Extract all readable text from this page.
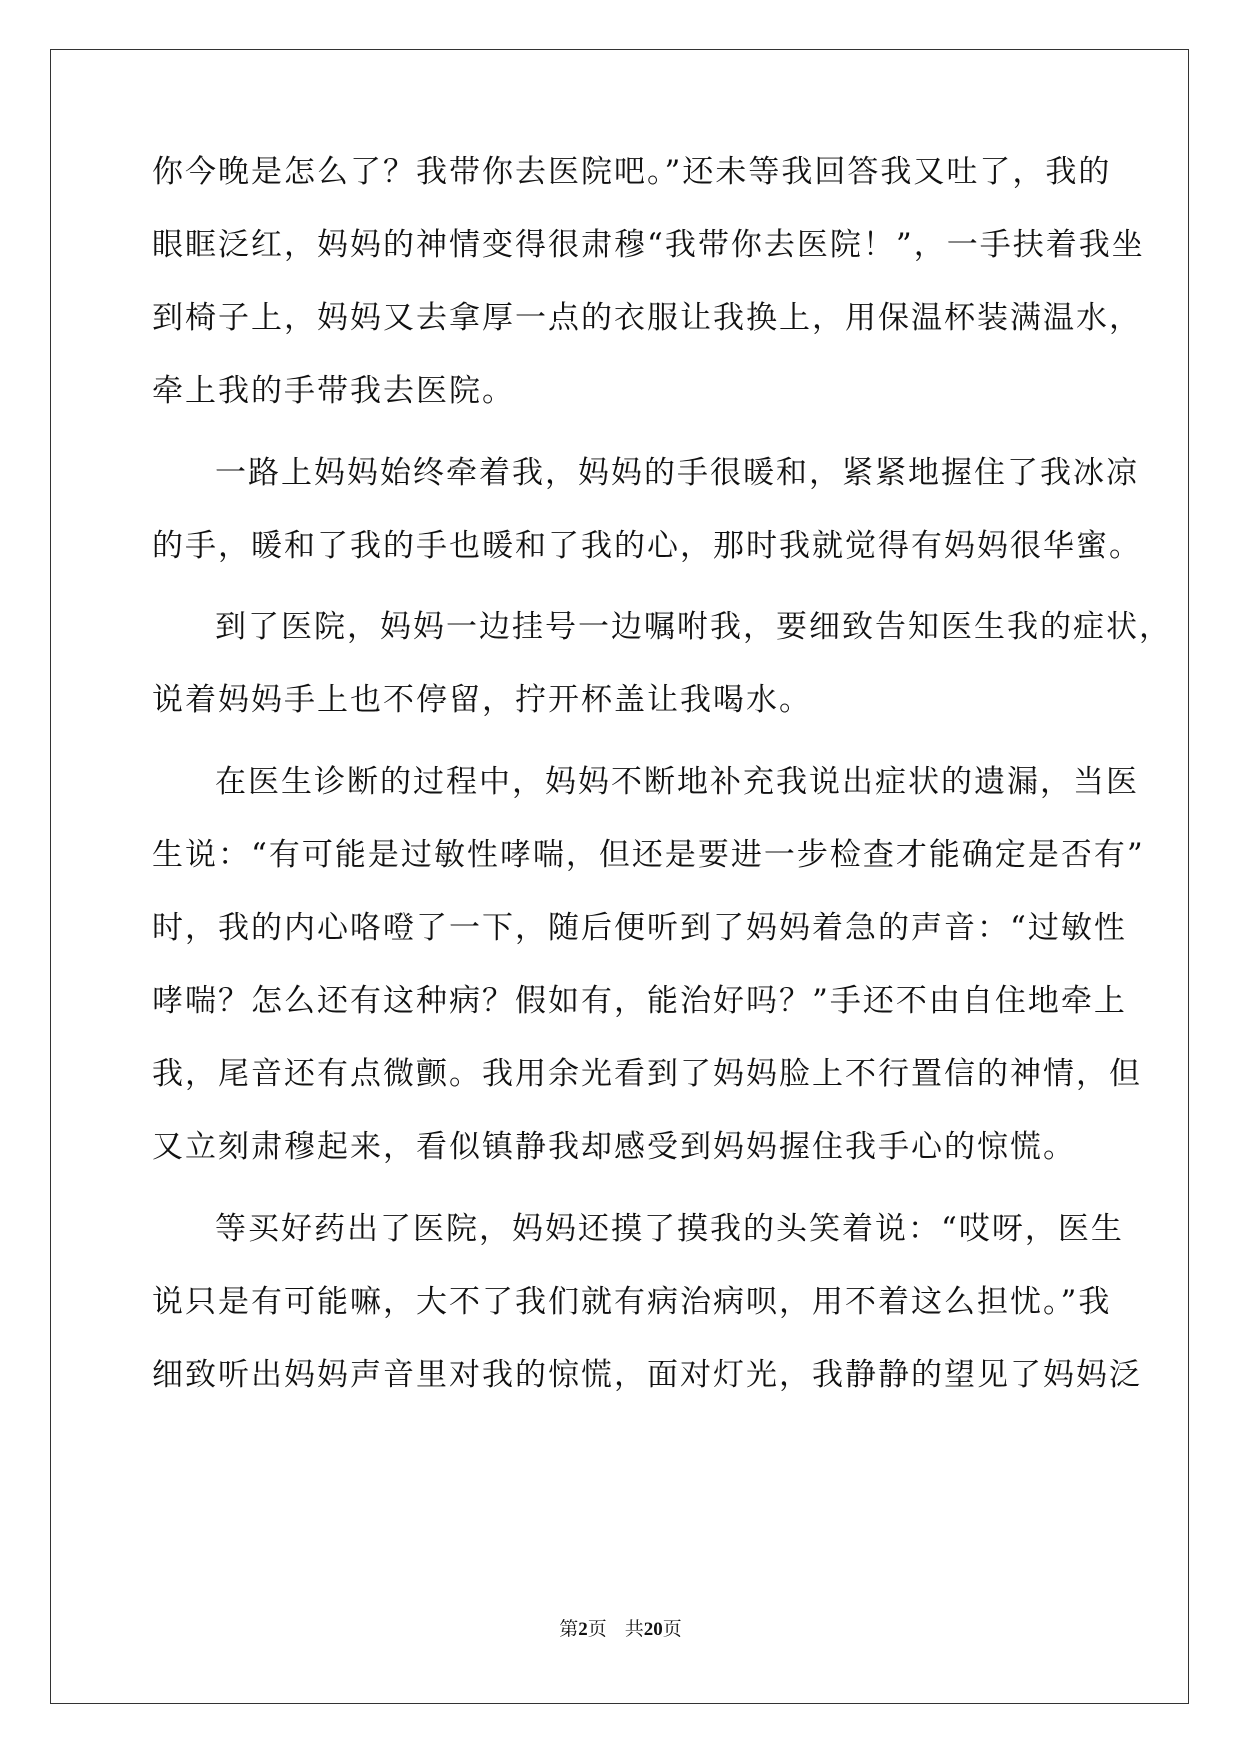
你今晚是怎么了？我带你去医院吧。”还未等我回答我又吐了，我的
眼眶泛红，妈妈的神情变得很肃穆“我带你去医院！”，一手扶着我坐
到椅子上，妈妈又去拿厚一点的衣服让我换上，用保温杯装满温水，
牵上我的手带我去医院。
一路上妈妈始终牵着我，妈妈的手很暖和，紧紧地握住了我冰凉
的手，暖和了我的手也暖和了我的心，那时我就觉得有妈妈很华蜜。
到了医院，妈妈一边挂号一边嘱咐我，要细致告知医生我的症状，
说着妈妈手上也不停留，拧开杯盖让我喝水。
在医生诊断的过程中，妈妈不断地补充我说出症状的遗漏，当医
生说：“有可能是过敏性哮喘，但还是要进一步检查才能确定是否有”
时，我的内心咯噔了一下，随后便听到了妈妈着急的声音：“过敏性
哮喘？怎么还有这种病？假如有，能治好吗？”手还不由自住地牵上
我，尾音还有点微颤。我用余光看到了妈妈脸上不行置信的神情，但
又立刻肃穆起来，看似镇静我却感受到妈妈握住我手心的惊慌。
等买好药出了医院，妈妈还摸了摸我的头笑着说：“哎呀，医生
说只是有可能嘛，大不了我们就有病治病呗，用不着这么担忧。”我
细致听出妈妈声音里对我的惊慌，面对灯光，我静静的望见了妈妈泛
第2页 共20页
